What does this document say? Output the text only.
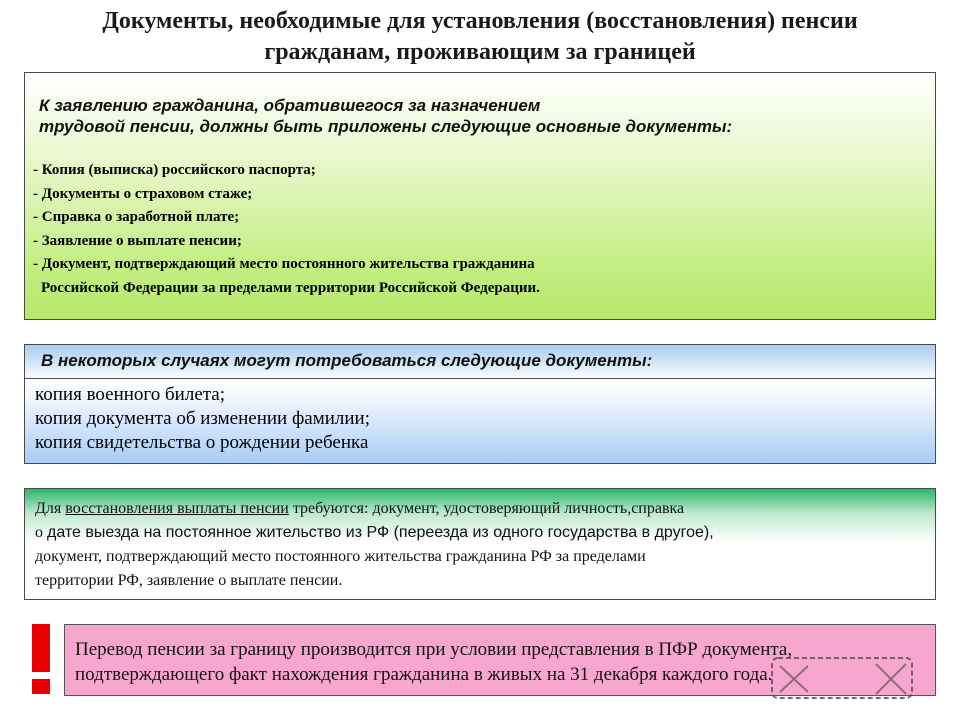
Документы, необходимые для установления (восстановления) пенсии
гражданам, проживающим за границей
К заявлению гражданина, обратившегося за назначением
трудовой пенсии, должны быть приложены следующие основные документы:
- Копия (выписка) российского паспорта;
- Документы о страховом стаже;
- Справка о заработной плате;
- Заявление о выплате пенсии;
- Документ, подтверждающий место постоянного жительства гражданина
Российской Федерации за пределами территории Российской Федерации.
В некоторых случаях могут потребоваться следующие документы:
копия военного билета;
копия документа об изменении фамилии;
копия свидетельства о рождении ребенка
Для восстановления выплаты пенсии требуются: документ, удостоверяющий личность,справка
о дате выезда на постоянное жительство из РФ (переезда из одного государства в другое),
документ, подтверждающий место постоянного жительства гражданина РФ за пределами
территории РФ, заявление о выплате пенсии.
Перевод пенсии за границу производится при условии представления в ПФР документа,
подтверждающего факт нахождения гражданина в живых на 31 декабря каждого года.
